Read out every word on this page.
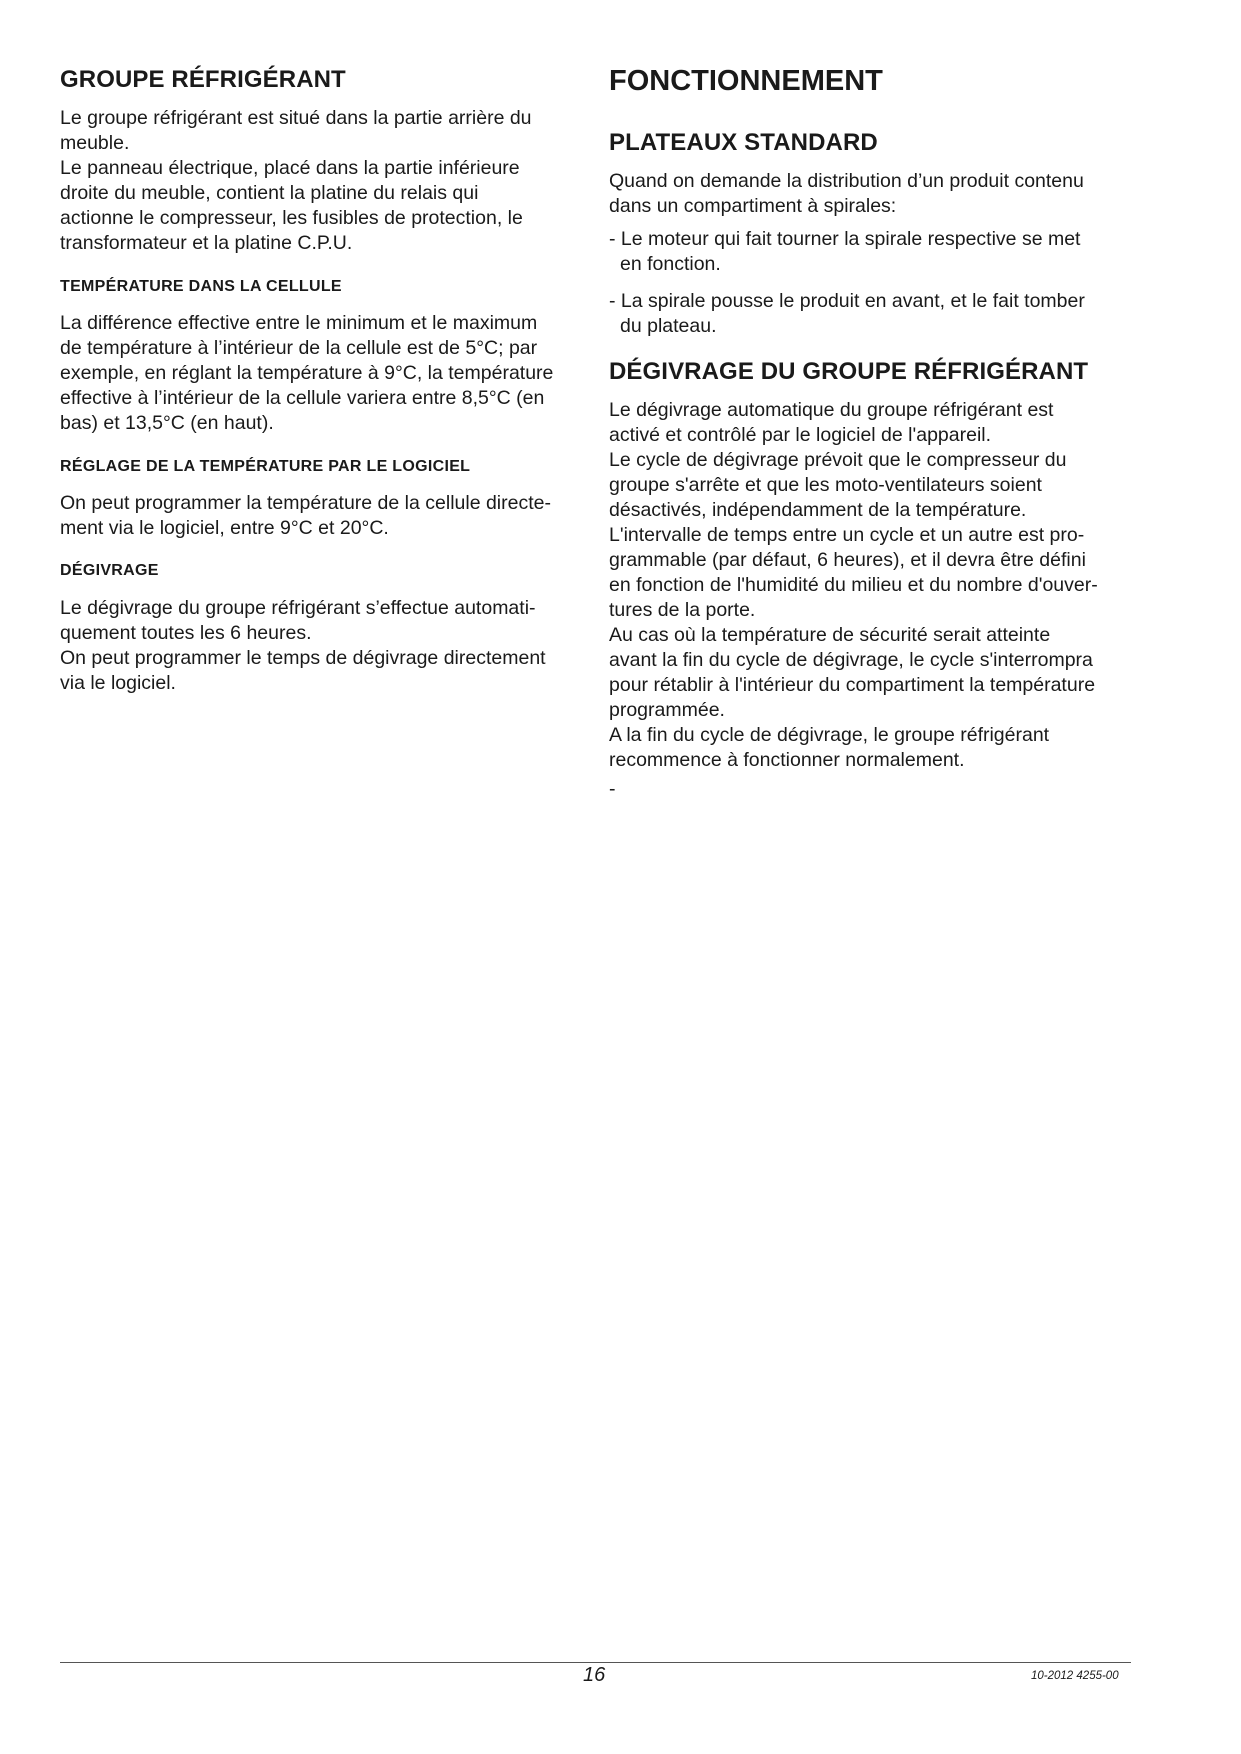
GROUPE RÉFRIGÉRANT

Le groupe réfrigérant est situé dans la partie arrière du

meuble.

Le panneau électrique, placé dans la partie inférieure

droite du meuble, contient la platine du relais qui

actionne le compresseur, les fusibles de protection, le

transformateur et la platine C.P.U.

TEMPÉRATURE DANS LA CELLULE

La différence effective entre le minimum et le maximum

de température à l’intérieur de la cellule est de 5°C; par

exemple, en réglant la température à 9°C, la température

effective à l’intérieur de la cellule variera entre 8,5°C (en

bas) et 13,5°C (en haut).

RÉGLAGE DE LA TEMPÉRATURE PAR LE LOGICIEL

On peut programmer la température de la cellule directe-

ment via le logiciel, entre 9°C et 20°C.

DÉGIVRAGE

Le dégivrage du groupe réfrigérant s’effectue automati-

quement toutes les 6 heures.

On peut programmer le temps de dégivrage directement

via le logiciel.

FONCTIONNEMENT
PLATEAUX STANDARD

Quand on demande la distribution d’un produit contenu

dans un compartiment à spirales:

- Le moteur qui fait tourner la spirale respective se met
en fonction.
- La spirale pousse le produit en avant, et le fait tomber
du plateau.
DÉGIVRAGE DU GROUPE RÉFRIGÉRANT

Le dégivrage automatique du groupe réfrigérant est

activé et contrôlé par le logiciel de l'appareil.

Le cycle de dégivrage prévoit que le compresseur du

groupe s'arrête et que les moto-ventilateurs soient

désactivés, indépendamment de la température.

L'intervalle de temps entre un cycle et un autre est pro-

grammable (par défaut, 6 heures), et il devra être défini

en fonction de l'humidité du milieu et du nombre d'ouver-

tures de la porte.

Au cas où la température de sécurité serait atteinte

avant la fin du cycle de dégivrage, le cycle s'interrompra

pour rétablir à l'intérieur du compartiment la température

programmée.

A la fin du cycle de dégivrage, le groupe réfrigérant

recommence à fonctionner normalement.

-

16	10-2012 4255-00
